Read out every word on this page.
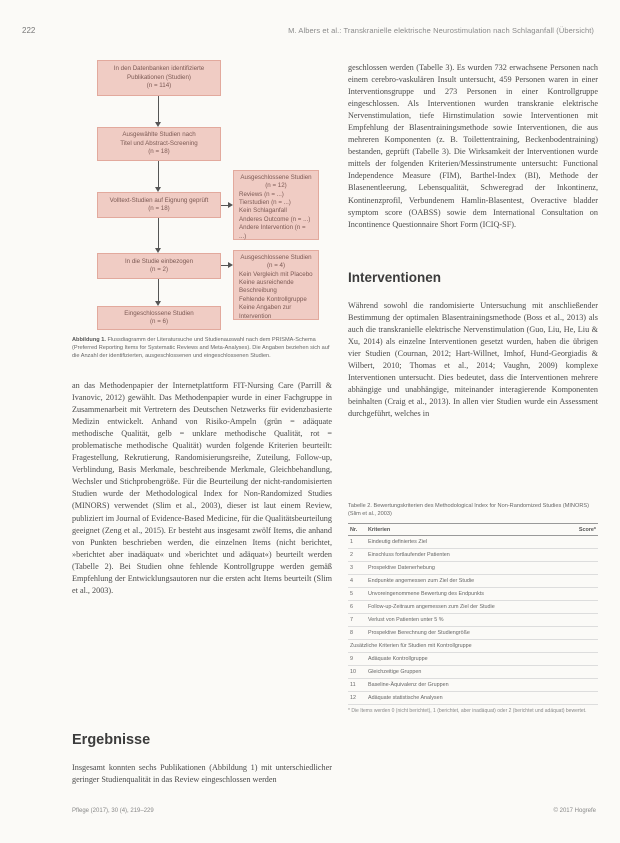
222	M. Albers et al.: Transkranielle elektrische Neurostimulation nach Schlaganfall (Übersicht)
In den Datenbanken identifizierte
Publikationen (Studien)
(n = 114)
Ausgewählte Studien nach
Titel und Abstract-Screening
(n = 18)
Volltext-Studien auf Eignung geprüft
(n = 18)
Ausgeschlossene Studien
(n = 12)
Reviews (n = ...)
Tierstudien (n = ...)
Kein Schlaganfall
Anderes Outcome (n = ...)
Andere Intervention (n = ...)
In die Studie einbezogen
(n = 2)
Ausgeschlossene Studien
(n = 4)
Kein Vergleich mit Placebo
Keine ausreichende Beschreibung
Fehlende Kontrollgruppe
Keine Angaben zur Intervention
Eingeschlossene Studien
(n = 6)
Abbildung 1. Flussdiagramm der Literatursuche und Studienauswahl nach dem PRISMA-Schema (Preferred Reporting Items for Systematic Reviews and Meta-Analyses). Die Angaben beziehen sich auf die Anzahl der identifizierten, ausgeschlossenen und eingeschlossenen Studien.
an das Methodenpapier der Internetplattform FIT-Nursing Care (Parrill & Ivanovic, 2012) gewählt. Das Methodenpapier wurde in einer Fachgruppe in Zusammenarbeit mit Vertretern des Deutschen Netzwerks für evidenzbasierte Medizin entwickelt. Anhand von Risiko-Ampeln (grün = adäquate methodische Qualität, gelb = unklare methodische Qualität, rot = problematische methodische Qualität) wurden folgende Kriterien beurteilt: Fragestellung, Rekrutierung, Randomisierungsreihe, Zuteilung, Follow-up, Verblindung, Basis Merkmale, beschreibende Merkmale, Gleichbehandlung, Wechsler und Stichprobengröße. Für die Beurteilung der nicht-randomisierten Studien wurde der Methodological Index for Non-Randomized Studies (MINORS) verwendet (Slim et al., 2003), dieser ist laut einem Review, publiziert im Journal of Evidence-Based Medicine, für die Qualitätsbeurteilung geeignet (Zeng et al., 2015). Er besteht aus insgesamt zwölf Items, die anhand von Punkten beschrieben werden, die einzelnen Items (nicht berichtet, »berichtet aber inadäquat« und »berichtet und adäquat«) beurteilt werden (Tabelle 2). Bei Studien ohne fehlende Kontrollgruppe werden gemäß Empfehlung der Entwicklungsautoren nur die ersten acht Items beurteilt (Slim et al., 2003).
Ergebnisse
Insgesamt konnten sechs Publikationen (Abbildung 1) mit unterschiedlicher geringer Studienqualität in das Review eingeschlossen werden
geschlossen werden (Tabelle 3). Es wurden 732 erwachsene Personen nach einem cerebro-vaskulären Insult untersucht, 459 Personen waren in einer Interventionsgruppe und 273 Personen in einer Kontrollgruppe eingeschlossen. Als Interventionen wurden transkranie elektrische Nervenstimulation, tiefe Hirnstimulation sowie Interventionen mit Empfehlung der Blasentrainingsmethode sowie Interventionen, die aus mehreren Komponenten (z. B. Toilettentraining, Beckenbodentraining) bestanden, geprüft (Tabelle 3). Die Wirksamkeit der Interventionen wurde mittels der folgenden Kriterien/Messinstrumente untersucht: Functional Independence Measure (FIM), Barthel-Index (BI), Methode der Blasenentleerung, Lebensqualität, Schweregrad der Inkontinenz, Kontinenzprofil, Verbundenem Hamlin-Blasentest, Overactive bladder symptom score (OABSS) sowie dem International Consultation on Incontinence Questionnaire Short Form (ICIQ-SF).
Interventionen
Während sowohl die randomisierte Untersuchung mit anschließender Bestimmung der optimalen Blasentrainingsmethode (Boss et al., 2013) als auch die transkranielle elektrische Nervenstimulation (Guo, Liu, He, Liu & Xu, 2014) als einzelne Interventionen gesetzt wurden, haben die übrigen vier Studien (Cournan, 2012; Hart-Willnet, Imhof, Hund-Georgiadis & Wilbert, 2010; Thomas et al., 2014; Vaughn, 2009) komplexe Interventionen untersucht. Dies bedeutet, dass die Interventionen mehrere abhängige und unabhängige, miteinander interagierende Komponenten beinhalten (Craig et al., 2013). In allen vier Studien wurde ein Assessment durchgeführt, welches in
Tabelle 2. Bewertungskriterien des Methodological Index for Non-Randomized Studies (MINORS) (Slim et al., 2003)
Nr.	Kriterien	Score*
1	Eindeutig definiertes Ziel
2	Einschluss fortlaufender Patienten
3	Prospektive Datenerhebung
4	Endpunkte angemessen zum Ziel der Studie
5	Unvoreingenommene Bewertung des Endpunkts
6	Follow-up-Zeitraum angemessen zum Ziel der Studie
7	Verlust von Patienten unter 5 %
8	Prospektive Berechnung der Studiengröße
Zusätzliche Kriterien für Studien mit Kontrollgruppe
9	Adäquate Kontrollgruppe
10	Gleichzeitige Gruppen
11	Baseline-Äquivalenz der Gruppen
12	Adäquate statistische Analysen
* Die Items werden 0 (nicht berichtet), 1 (berichtet, aber inadäquat) oder 2 (berichtet und adäquat) bewertet.
Pflege (2017), 30 (4), 219–229	© 2017 Hogrefe
